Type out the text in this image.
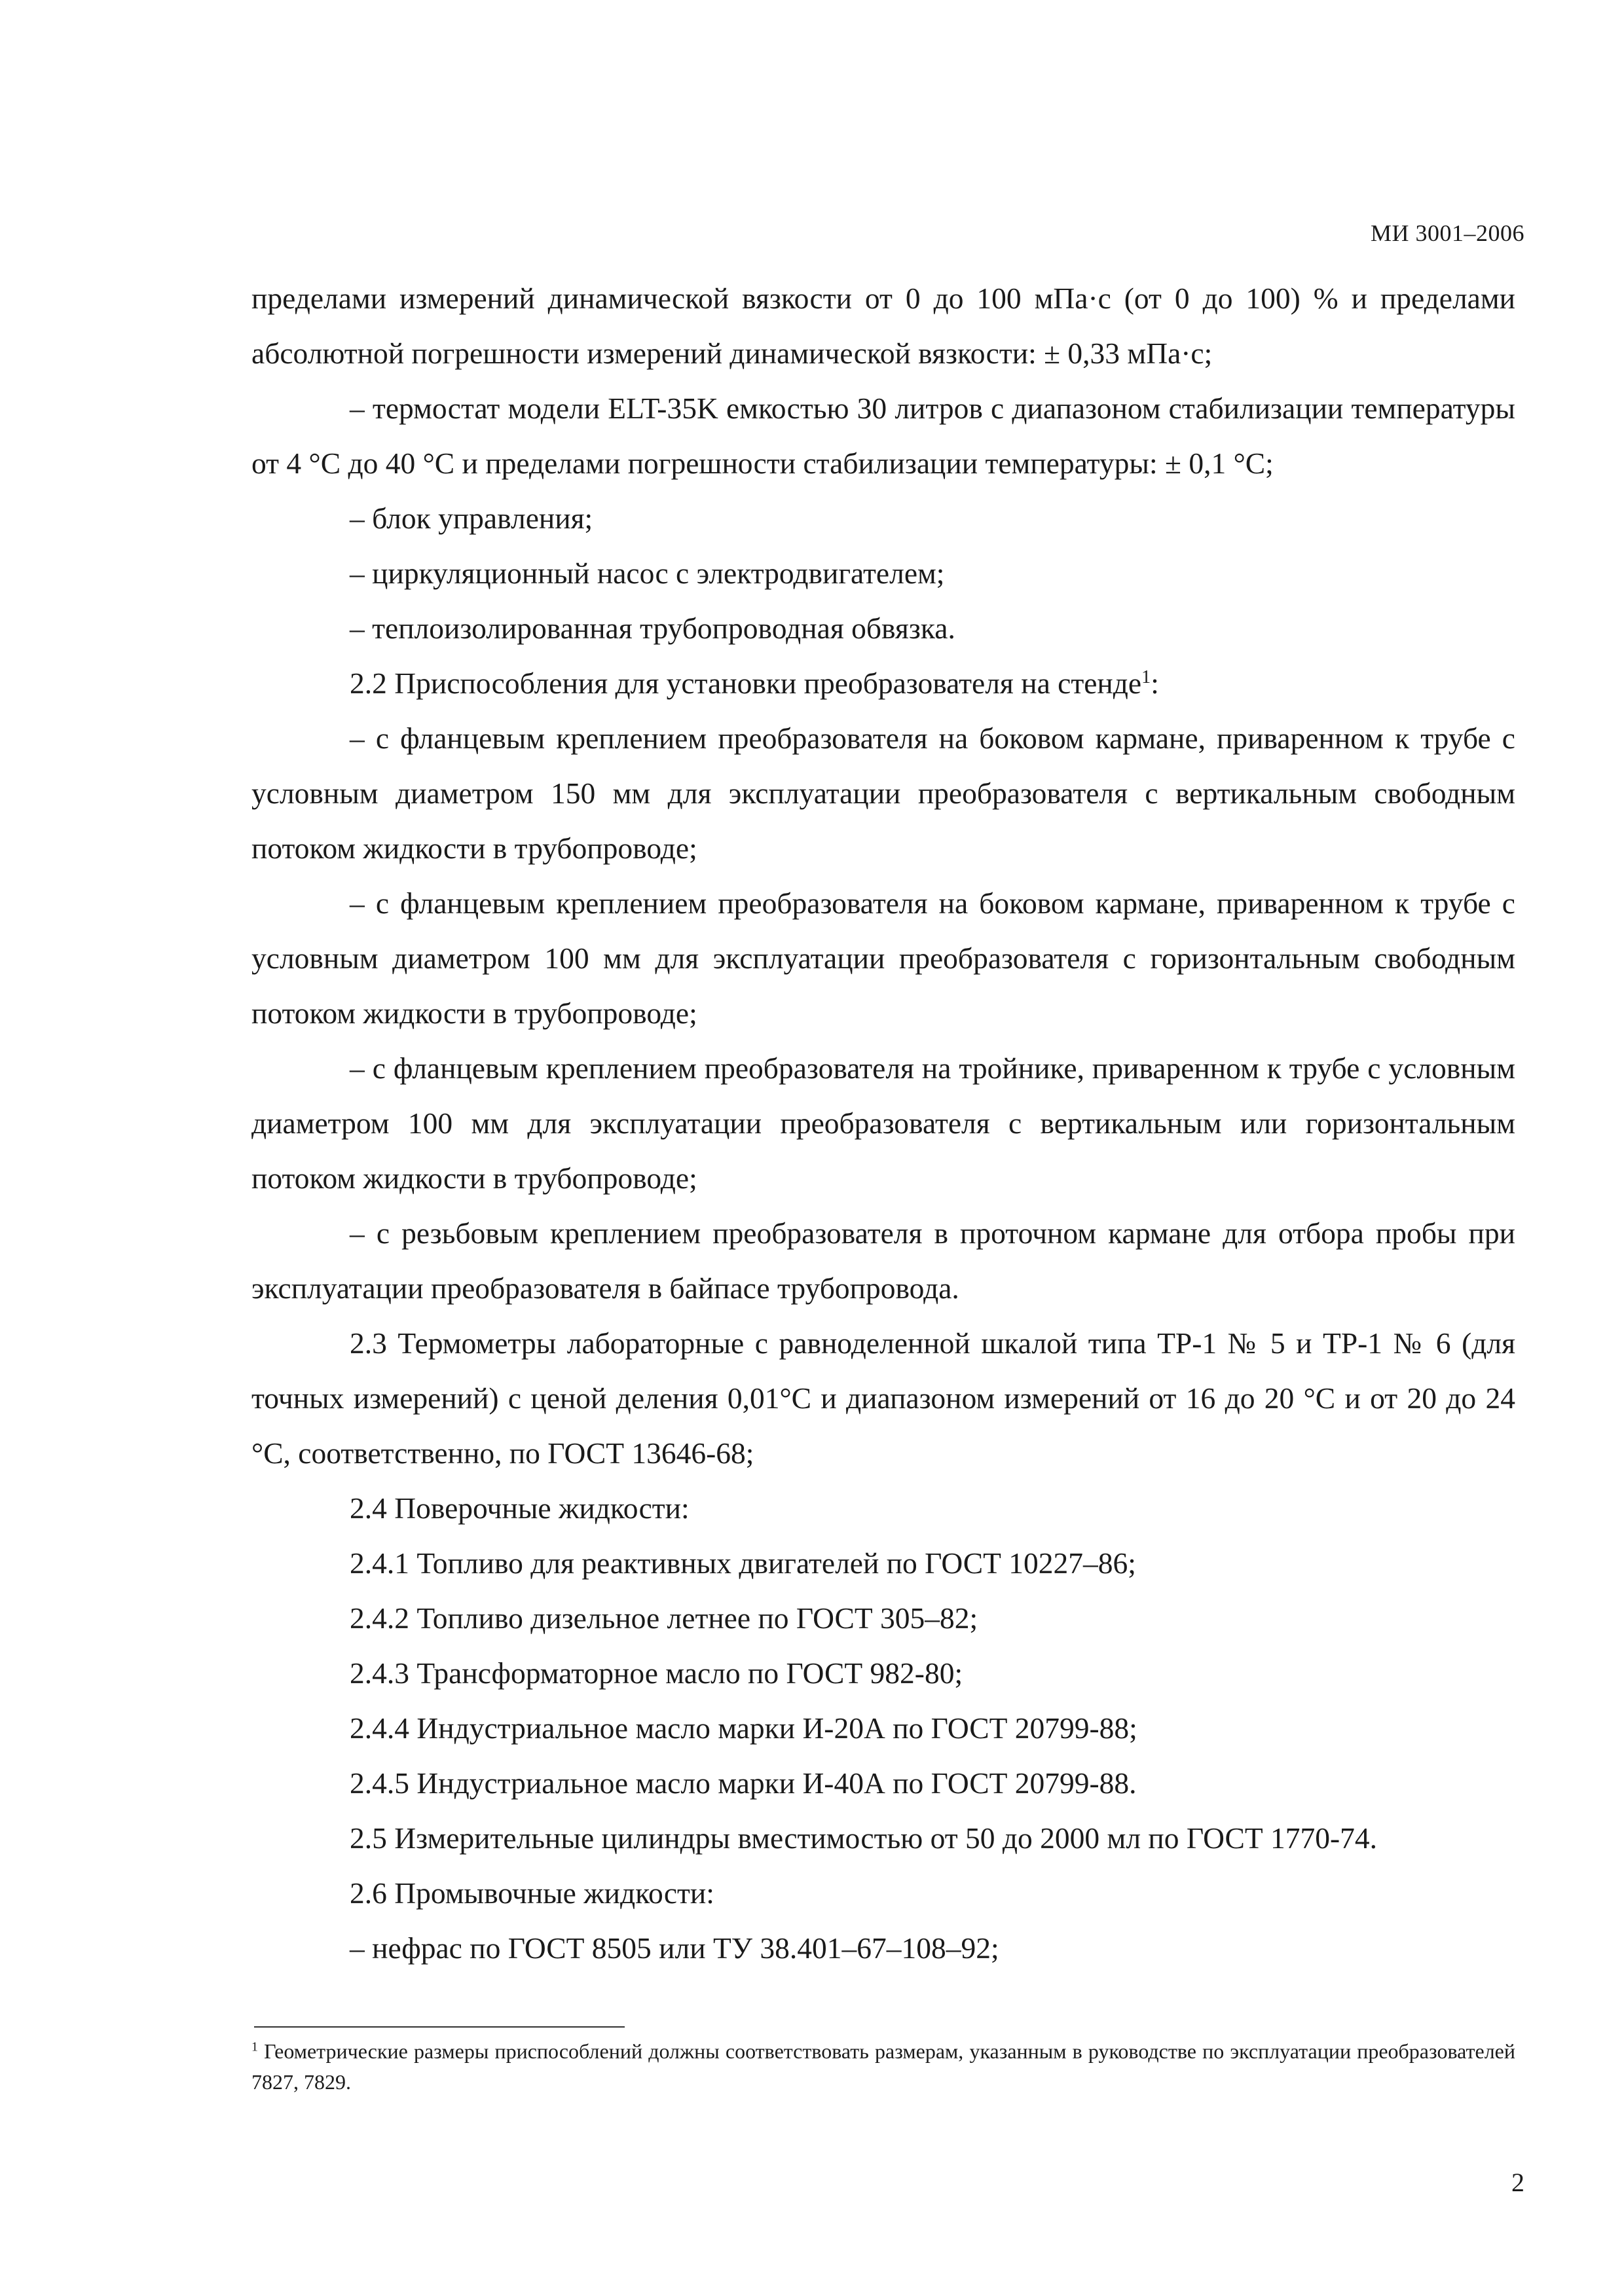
МИ 3001–2006

пределами измерений динамической вязкости от 0 до 100 мПа·с (от 0 до 100) % и пределами абсолютной погрешности измерений динамической вязкости: ± 0,33 мПа·с;

– термостат модели ELT-35K емкостью 30 литров с диапазоном стабилизации температуры от 4 °C до 40 °C и пределами погрешности стабилизации температуры: ± 0,1 °C;

– блок управления;

– циркуляционный насос с электродвигателем;

– теплоизолированная трубопроводная обвязка.

2.2 Приспособления для установки преобразователя на стенде$^1$:

– с фланцевым креплением преобразователя на боковом кармане, приваренном к трубе с условным диаметром 150 мм для эксплуатации преобразователя с вертикальным свободным потоком жидкости в трубопроводе;

– с фланцевым креплением преобразователя на боковом кармане, приваренном к трубе с условным диаметром 100 мм для эксплуатации преобразователя с горизонтальным свободным потоком жидкости в трубопроводе;

– с фланцевым креплением преобразователя на тройнике, приваренном к трубе с условным диаметром 100 мм для эксплуатации преобразователя с вертикальным или горизонтальным потоком жидкости в трубопроводе;

– с резьбовым креплением преобразователя в проточном кармане для отбора пробы при эксплуатации преобразователя в байпасе трубопровода.

2.3 Термометры лабораторные с равноделенной шкалой типа ТР-1 № 5 и ТР-1 № 6 (для точных измерений) с ценой деления 0,01°C и диапазоном измерений от 16 до 20 °C и от 20 до 24 °C, соответственно, по ГОСТ 13646-68;

2.4 Поверочные жидкости:

2.4.1 Топливо для реактивных двигателей по ГОСТ 10227–86;

2.4.2 Топливо дизельное летнее по ГОСТ 305–82;

2.4.3 Трансформаторное масло по ГОСТ 982-80;

2.4.4 Индустриальное масло марки И-20А по ГОСТ 20799-88;

2.4.5 Индустриальное масло марки И-40А по ГОСТ 20799-88.

2.5 Измерительные цилиндры вместимостью от 50 до 2000 мл по ГОСТ 1770-74.

2.6 Промывочные жидкости:

– нефрас по ГОСТ 8505 или ТУ 38.401–67–108–92;

$^1$ Геометрические размеры приспособлений должны соответствовать размерам, указанным в руководстве по эксплуатации преобразователей 7827, 7829.
2
